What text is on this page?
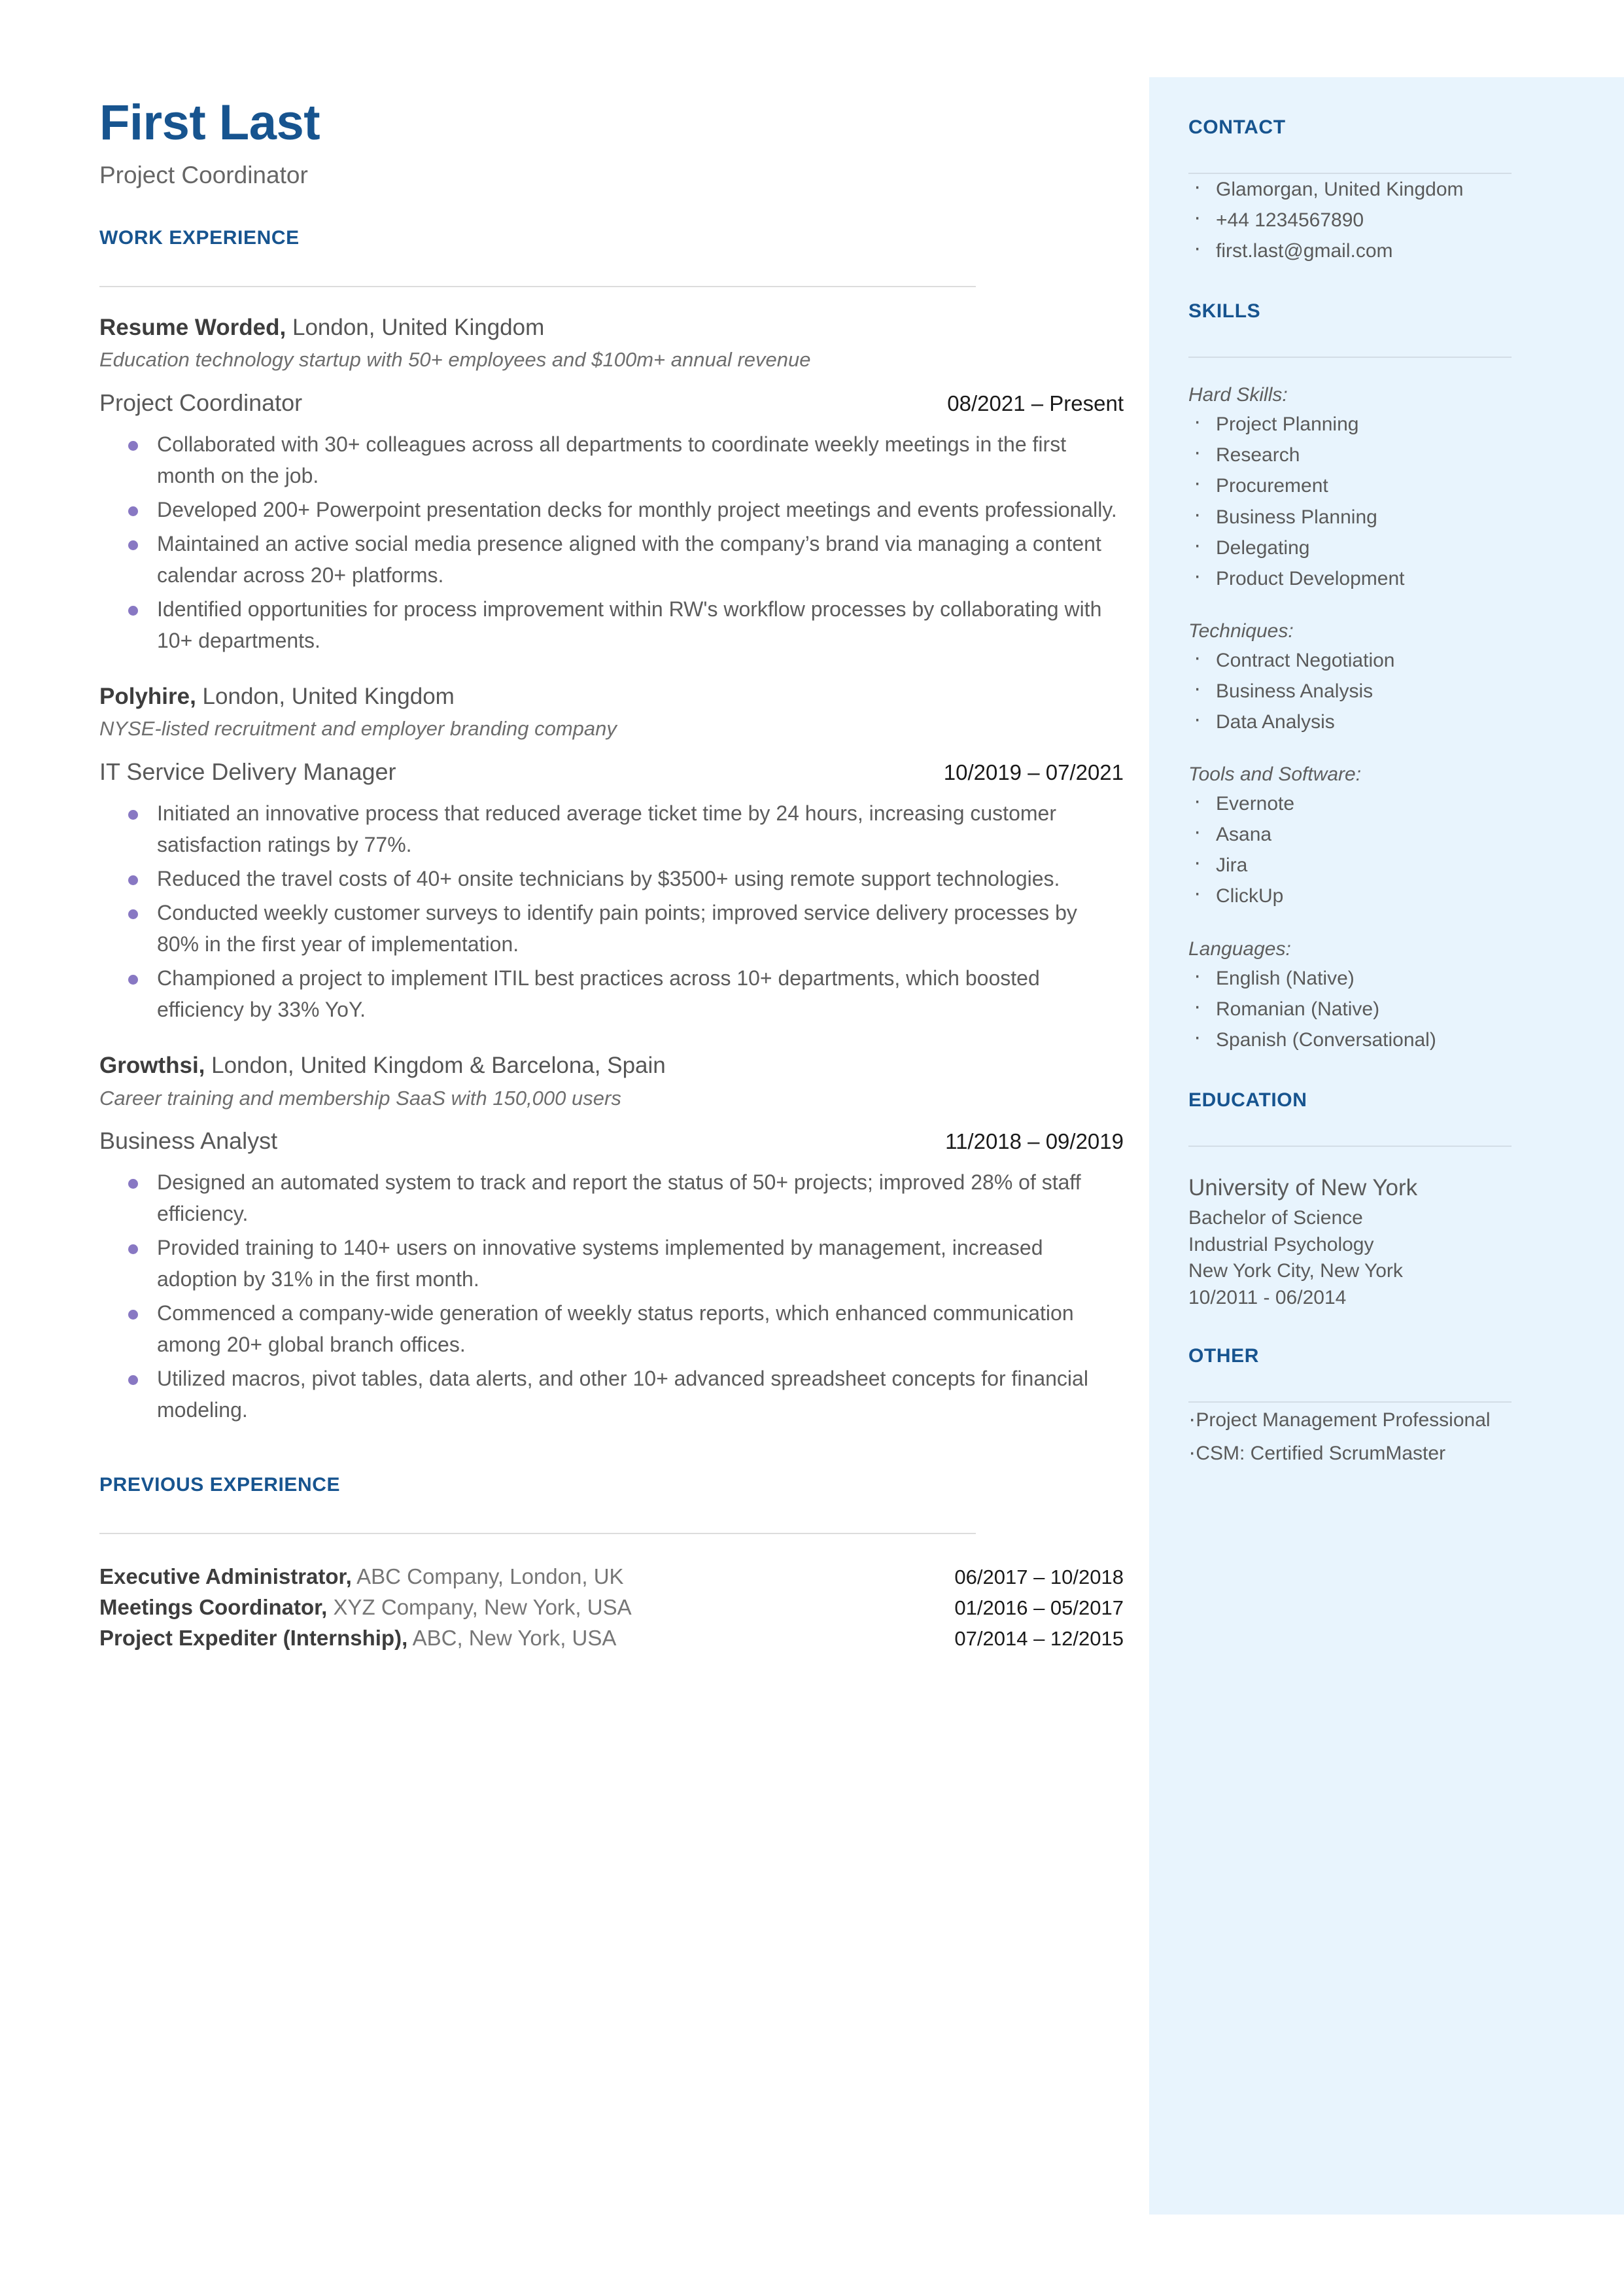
First Last
Project Coordinator
WORK EXPERIENCE
Resume Worded, London, United Kingdom
Education technology startup with 50+ employees and $100m+ annual revenue
Project Coordinator	08/2021 – Present
Collaborated with 30+ colleagues across all departments to coordinate weekly meetings in the first month on the job.
Developed 200+ Powerpoint presentation decks for monthly project meetings and events professionally.
Maintained an active social media presence aligned with the company’s brand via managing a content calendar across 20+ platforms.
Identified opportunities for process improvement within RW's workflow processes by collaborating with 10+ departments.
Polyhire, London, United Kingdom
NYSE-listed recruitment and employer branding company
IT Service Delivery Manager	10/2019 – 07/2021
Initiated an innovative process that reduced average ticket time by 24 hours, increasing customer satisfaction ratings by 77%.
Reduced the travel costs of 40+ onsite technicians by $3500+ using remote support technologies.
Conducted weekly customer surveys to identify pain points; improved service delivery processes by 80% in the first year of implementation.
Championed a project to implement ITIL best practices across 10+ departments, which boosted efficiency by 33% YoY.
Growthsi, London, United Kingdom & Barcelona, Spain
Career training and membership SaaS with 150,000 users
Business Analyst	11/2018 – 09/2019
Designed an automated system to track and report the status of 50+ projects; improved 28% of staff efficiency.
Provided training to 140+ users on innovative systems implemented by management, increased adoption by 31% in the first month.
Commenced a company-wide generation of weekly status reports, which enhanced communication among 20+ global branch offices.
Utilized macros, pivot tables, data alerts, and other 10+ advanced spreadsheet concepts for financial modeling.
PREVIOUS EXPERIENCE
Executive Administrator, ABC Company, London, UK	06/2017 – 10/2018
Meetings Coordinator, XYZ Company, New York, USA	01/2016 – 05/2017
Project Expediter (Internship), ABC, New York, USA	07/2014 – 12/2015
CONTACT
· Glamorgan, United Kingdom
· +44 1234567890
· first.last@gmail.com
SKILLS
Hard Skills:
· Project Planning
· Research
· Procurement
· Business Planning
· Delegating
· Product Development
Techniques:
· Contract Negotiation
· Business Analysis
· Data Analysis
Tools and Software:
· Evernote
· Asana
· Jira
· ClickUp
Languages:
· English (Native)
· Romanian (Native)
· Spanish (Conversational)
EDUCATION
University of New York
Bachelor of Science
Industrial Psychology
New York City, New York
10/2011 - 06/2014
OTHER
· Project Management Professional
· CSM: Certified ScrumMaster
